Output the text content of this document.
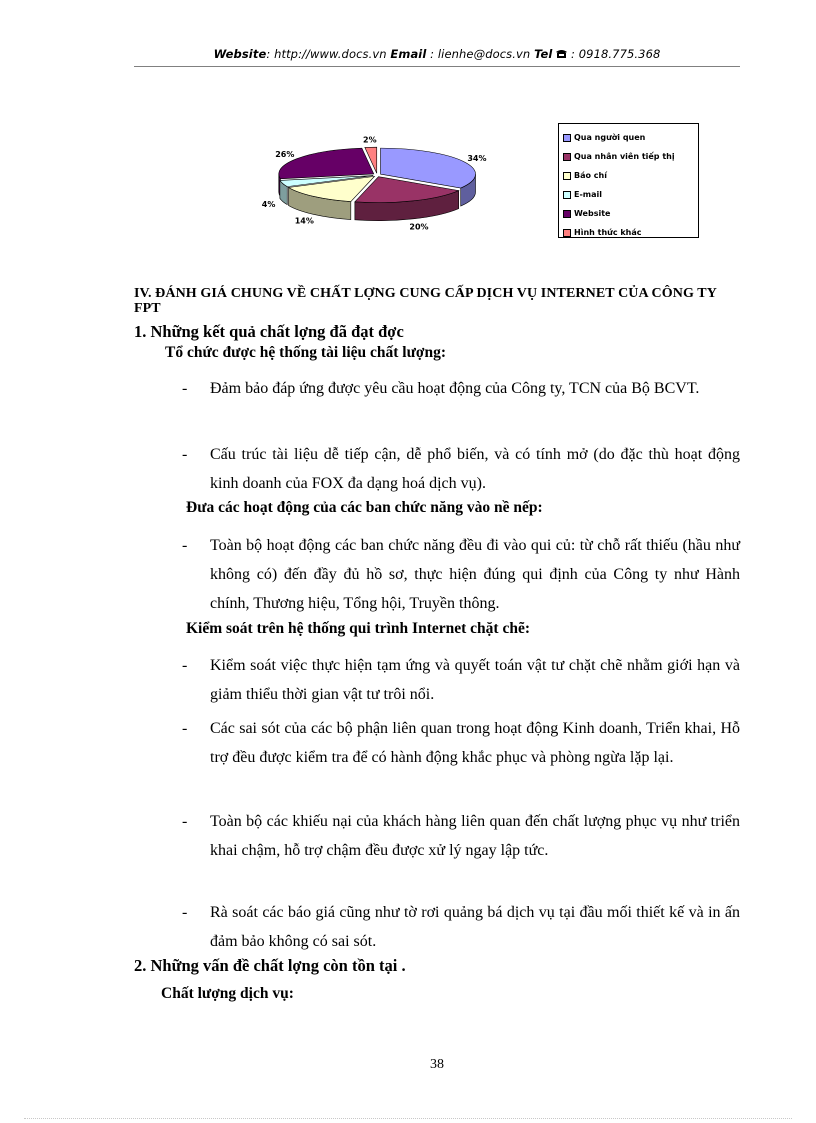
Website: http://www.docs.vn Email : lienhe@docs.vn Tel  : 0918.775.368
34%
20%
14%
4%
26%
2%	Qua người quen
Qua nhân viên tiếp thị
Báo chí
E-mail
Website
Hình thức khác
IV. ĐÁNH GIÁ CHUNG VỀ CHẤT LỢNG CUNG CẤP DỊCH VỤ INTERNET CỦA CÔNG TY FPT
1. Những kết quả chất lợng đã đạt đợc
Tổ chức được hệ thống tài liệu chất lượng:
- Đảm bảo đáp ứng được yêu cầu hoạt động của Công ty, TCN của Bộ BCVT.
- Cấu trúc tài liệu dễ tiếp cận, dễ phổ biến, và có tính mở (do đặc thù hoạt động kinh doanh của FOX đa dạng hoá dịch vụ).
Đưa các hoạt động của các ban chức năng vào nề nếp:
- Toàn bộ hoạt động các ban chức năng đều đi vào qui củ: từ chỗ rất thiếu (hầu như không có) đến đầy đủ hồ sơ, thực hiện đúng qui định của Công ty như Hành chính, Thương hiệu, Tổng hội, Truyền thông.
Kiểm soát trên hệ thống qui trình Internet chặt chẽ:
- Kiểm soát việc thực hiện tạm ứng và quyết toán vật tư chặt chẽ nhằm giới hạn và giảm thiểu thời gian vật tư trôi nổi.
- Các sai sót của các bộ phận liên quan trong hoạt động Kinh doanh, Triển khai, Hỗ trợ đều được kiểm tra để có hành động khắc phục và phòng ngừa lặp lại.
- Toàn bộ các khiếu nại của khách hàng liên quan đến chất lượng phục vụ như triển khai chậm, hỗ trợ chậm đều được xử lý ngay lập tức.
- Rà soát các báo giá cũng như tờ rơi quảng bá dịch vụ tại đầu mối thiết kế và in ấn đảm bảo không có sai sót.
2. Những vấn đề chất lợng còn tồn tại .
Chất lượng dịch vụ:
38
